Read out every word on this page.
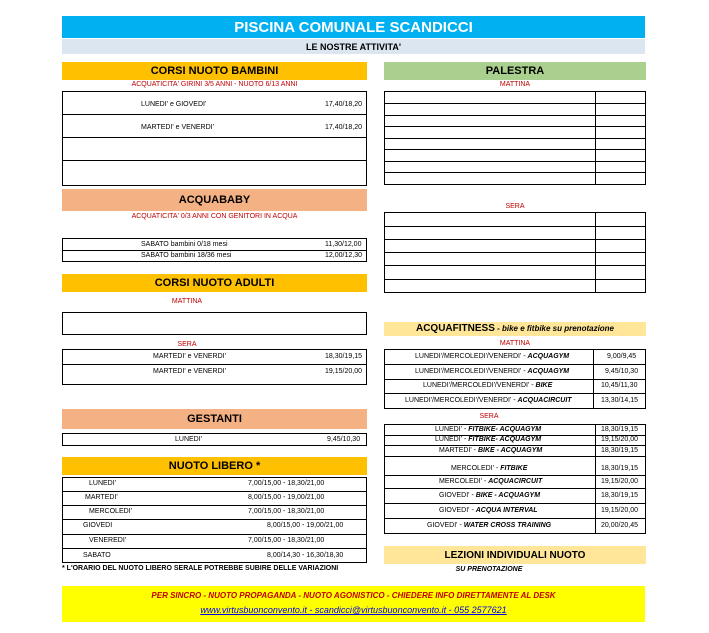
PISCINA COMUNALE SCANDICCI
LE NOSTRE ATTIVITA'
CORSI NUOTO BAMBINI
ACQUATICITA' GIRINI 3/5 ANNI - NUOTO 6/13 ANNI
LUNEDI' e GIOVEDI'	17,40/18,20
MARTEDI' e VENERDI'	17,40/18,20
ACQUABABY
ACQUATICITA' 0/3 ANNI CON GENITORI IN ACQUA
SABATO bambini 0/18 mesi	11,30/12,00
SABATO bambini 18/36 mesi	12,00/12,30
CORSI NUOTO ADULTI
MATTINA
SERA
MARTEDI' e VENERDI'	18,30/19,15
MARTEDI' e VENERDI'	19,15/20,00
GESTANTI
LUNEDI'	9,45/10,30
NUOTO LIBERO *
LUNEDI'	7,00/15,00 - 18,30/21,00
MARTEDI'	8,00/15,00 - 19,00/21,00
MERCOLEDI'	7,00/15,00 - 18,30/21,00
GIOVEDI	8,00/15,00 - 19,00/21,00
VENEREDI'	7,00/15,00 - 18,30/21,00
SABATO	8,00/14,30 - 16,30/18,30
* L'ORARIO DEL NUOTO LIBERO SERALE POTREBBE SUBIRE DELLE VARIAZIONI
PALESTRA
MATTINA
SERA
ACQUAFITNESS - bike e fitbike su prenotazione
MATTINA
LUNEDI'/MERCOLEDI'/VENERDI' - ACQUAGYM	9,00/9,45
LUNEDI'/MERCOLEDI'/VENERDI' - ACQUAGYM	9,45/10,30
LUNEDI'/MERCOLEDI'/VENERDI' - BIKE	10,45/11,30
LUNEDI'/MERCOLEDI'/VENERDI' - ACQUACIRCUIT	13,30/14,15
SERA
LUNEDI' - FITBIKE- ACQUAGYM	18,30/19,15
LUNEDI' - FITBIKE- ACQUAGYM	19,15/20,00
MARTEDI' - BIKE - ACQUAGYM	18,30/19,15
MERCOLEDI' - FITBIKE	18,30/19,15
MERCOLEDI' - ACQUACIRCUIT	19,15/20,00
GIOVEDI' - BIKE - ACQUAGYM	18,30/19,15
GIOVEDI' - ACQUA INTERVAL	19,15/20,00
GIOVEDI' - WATER CROSS TRAINING	20,00/20,45
LEZIONI INDIVIDUALI NUOTO
SU PRENOTAZIONE
PER SINCRO - NUOTO PROPAGANDA - NUOTO AGONISTICO - CHIEDERE INFO DIRETTAMENTE AL DESK
www.virtusbuonconvento.it - scandicci@virtusbuonconvento.it - 055 2577621
